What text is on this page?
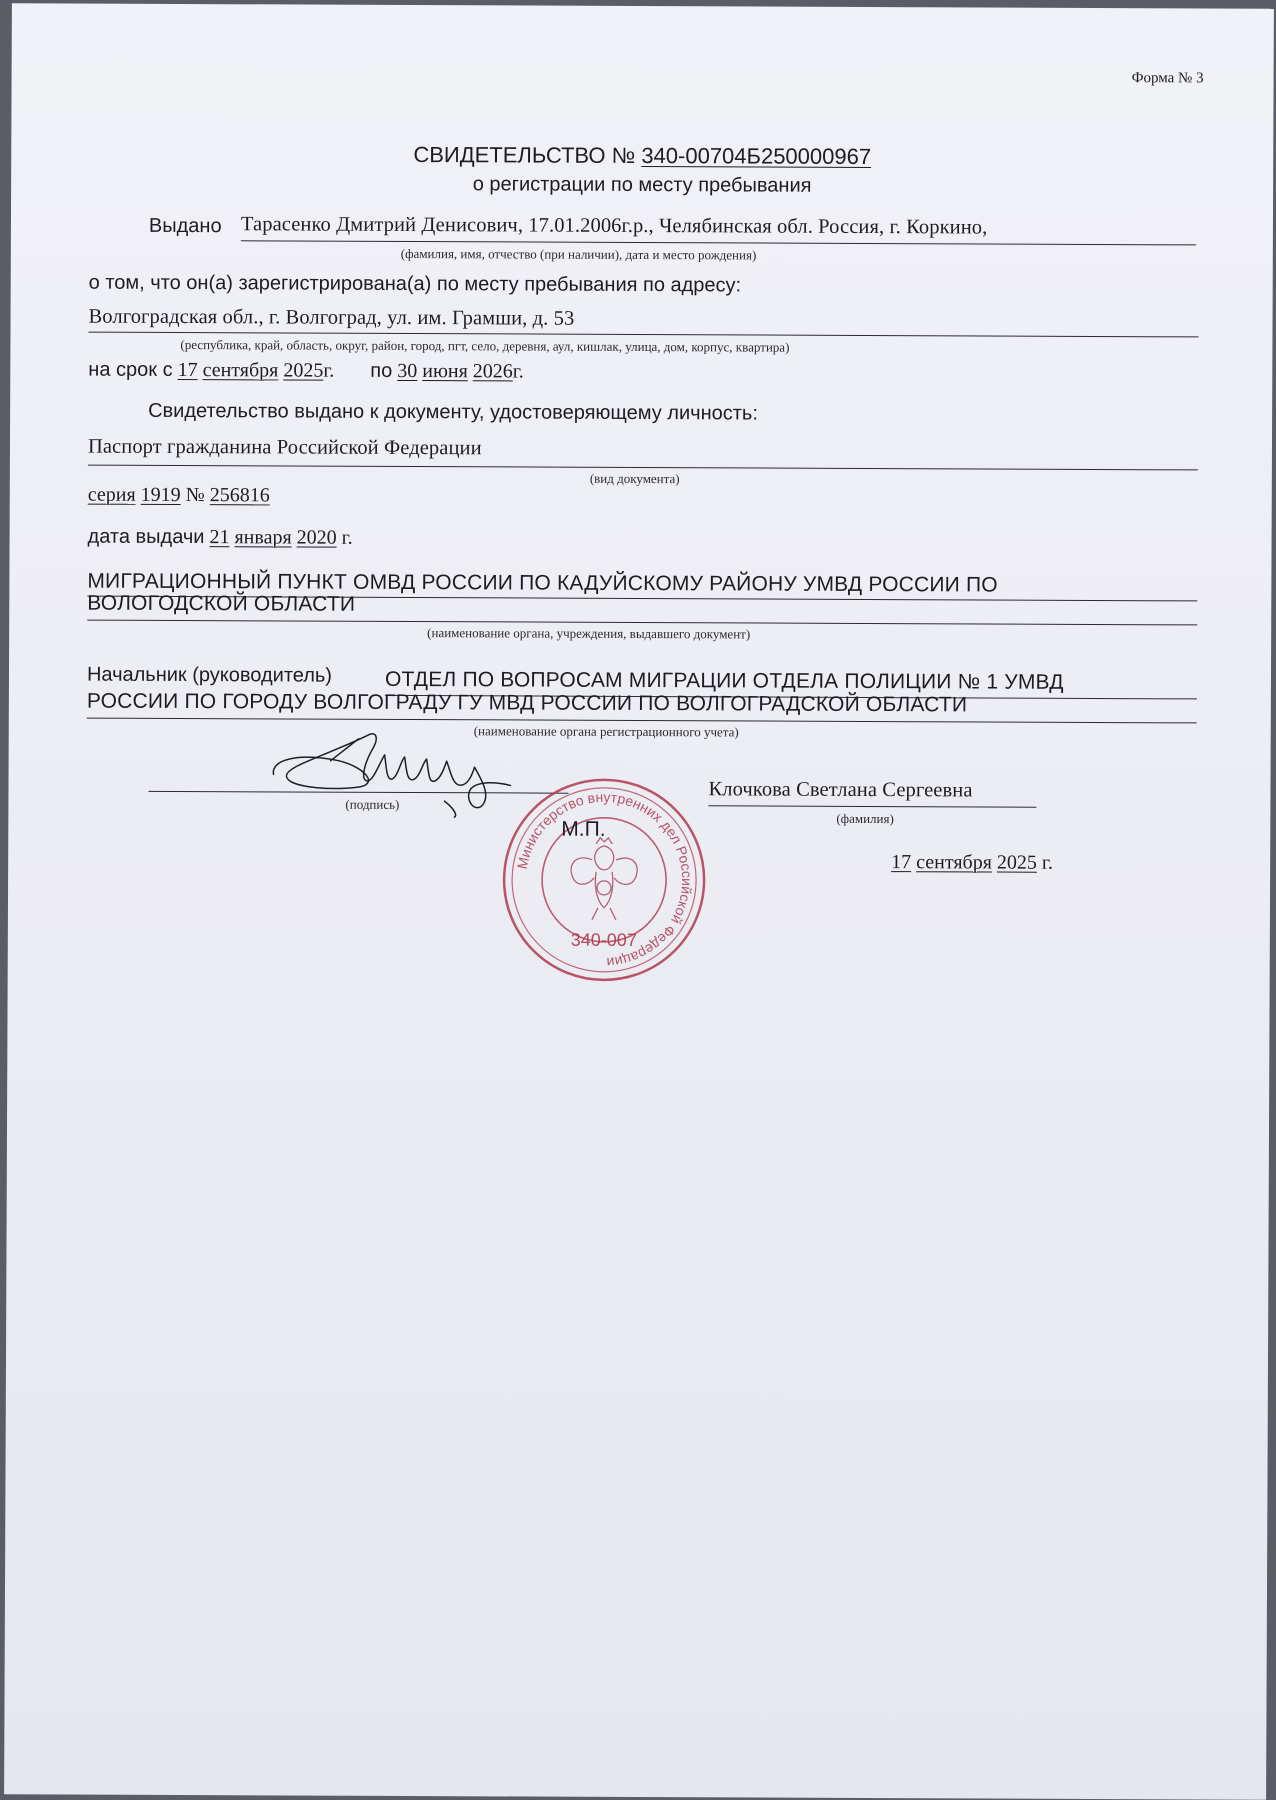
Форма № 3
СВИДЕТЕЛЬСТВО № 340-00704Б250000967
о регистрации по месту пребывания
Выдано Тарасенко Дмитрий Денисович, 17.01.2006г.р., Челябинская обл. Россия, г. Коркино,
(фамилия, имя, отчество (при наличии), дата и место рождения)
о том, что он(а) зарегистрирована(а) по месту пребывания по адресу:
Волгоградская обл., г. Волгоград, ул. им. Грамши, д. 53
(республика, край, область, округ, район, город, пгт, село, деревня, аул, кишлак, улица, дом, корпус, квартира)
на срок с 17 сентября 2025г. по 30 июня 2026г.
Свидетельство выдано к документу, удостоверяющему личность:
Паспорт гражданина Российской Федерации
(вид документа)
серия 1919 № 256816
дата выдачи 21 января 2020 г.
МИГРАЦИОННЫЙ ПУНКТ ОМВД РОССИИ ПО КАДУЙСКОМУ РАЙОНУ УМВД РОССИИ ПО
ВОЛОГОДСКОЙ ОБЛАСТИ
(наименование органа, учреждения, выдавшего документ)
Начальник (руководитель)	ОТДЕЛ ПО ВОПРОСАМ МИГРАЦИИ ОТДЕЛА ПОЛИЦИИ № 1 УМВД
РОССИИ ПО ГОРОДУ ВОЛГОГРАДУ ГУ МВД РОССИИ ПО ВОЛГОГРАДСКОЙ ОБЛАСТИ
(наименование органа регистрационного учета)
(подпись)
Клочкова Светлана Сергеевна
(фамилия)
Министерство внутренних дел Российской Федерации
340-007
М.П.
17 сентября 2025 г.
